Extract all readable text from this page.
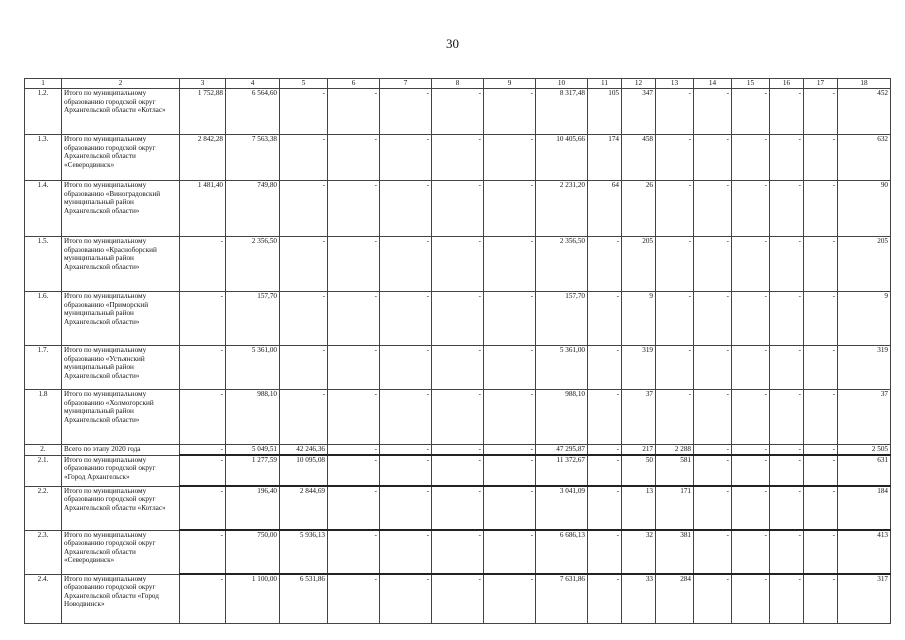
30
1	2	3	4	5	6	7	8	9	10	11	12	13	14	15	16	17	18
1.2.	Итого по муниципальному образованию городской округ Архангельской области «Котлас»	1 752,88	6 564,60	-	-	-	-	-	8 317,48	105	347	-	-	-	-	-	452
1.3.	Итого по муниципальному образованию городской округ Архангельской области «Северодвинск»	2 842,28	7 563,38	-	-	-	-	-	10 405,66	174	458	-	-	-	-	-	632
1.4.	Итого по муниципальному образованию «Виноградовский муниципальный район Архангельской области»	1 481,40	749,80	-	-	-	-	-	2 231,20	64	26	-	-	-	-	-	90
1.5.	Итого по муниципальному образованию «Красноборский муниципальный район Архангельской области»	-	2 356,50	-	-	-	-	-	2 356,50	-	205	-	-	-	-	-	205
1.6.	Итого по муниципальному образованию «Приморский муниципальный район Архангельской области»	-	157,70	-	-	-	-	-	157,70	-	9	-	-	-	-	-	9
1.7.	Итого по муниципальному образованию «Устьянский муниципальный район Архангельской области»	-	5 361,00	-	-	-	-	-	5 361,00	-	319	-	-	-	-	-	319
1.8	Итого по муниципальному образованию «Холмогорский муниципальный район Архангельской области»	-	988,10	-	-	-	-	-	988,10	-	37	-	-	-	-	-	37
2.	Всего по этапу 2020 года	-	5 049,51	42 246,36	-	-	-	-	47 295,87	-	217	2 288	-	-	-	-	2 505
2.1.	Итого по муниципальному образованию городской округ «Город Архангельск»	-	1 277,59	10 095,08	-	-	-	-	11 372,67	-	50	581	-	-	-	-	631
2.2.	Итого по муниципальному образованию городской округ Архангельской области «Котлас»	-	196,40	2 844,69	-	-	-	-	3 041,09	-	13	171	-	-	-	-	184
2.3.	Итого по муниципальному образованию городской округ Архангельской области «Северодвинск»	-	750,00	5 936,13	-	-	-	-	6 686,13	-	32	381	-	-	-	-	413
2.4.	Итого по муниципальному образованию городской округ Архангельской области «Город Новодвинск»	-	1 100,00	6 531,86	-	-	-	-	7 631,86	-	33	284	-	-	-	-	317
